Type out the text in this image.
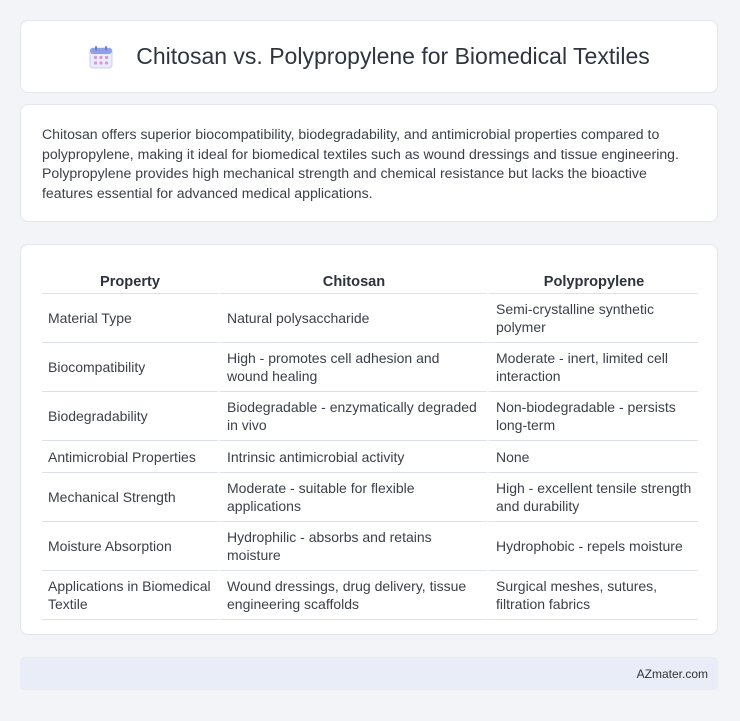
Chitosan vs. Polypropylene for Biomedical Textiles

Chitosan offers superior biocompatibility, biodegradability, and antimicrobial properties compared to polypropylene, making it ideal for biomedical textiles such as wound dressings and tissue engineering. Polypropylene provides high mechanical strength and chemical resistance but lacks the bioactive features essential for advanced medical applications.

Property	Chitosan	Polypropylene
Material Type	Natural polysaccharide	Semi-crystalline synthetic polymer
Biocompatibility	High - promotes cell adhesion and wound healing	Moderate - inert, limited cell interaction
Biodegradability	Biodegradable - enzymatically degraded in vivo	Non-biodegradable - persists long-term
Antimicrobial Properties	Intrinsic antimicrobial activity	None
Mechanical Strength	Moderate - suitable for flexible applications	High - excellent tensile strength and durability
Moisture Absorption	Hydrophilic - absorbs and retains moisture	Hydrophobic - repels moisture
Applications in Biomedical Textile	Wound dressings, drug delivery, tissue engineering scaffolds	Surgical meshes, sutures, filtration fabrics
AZmater.com
